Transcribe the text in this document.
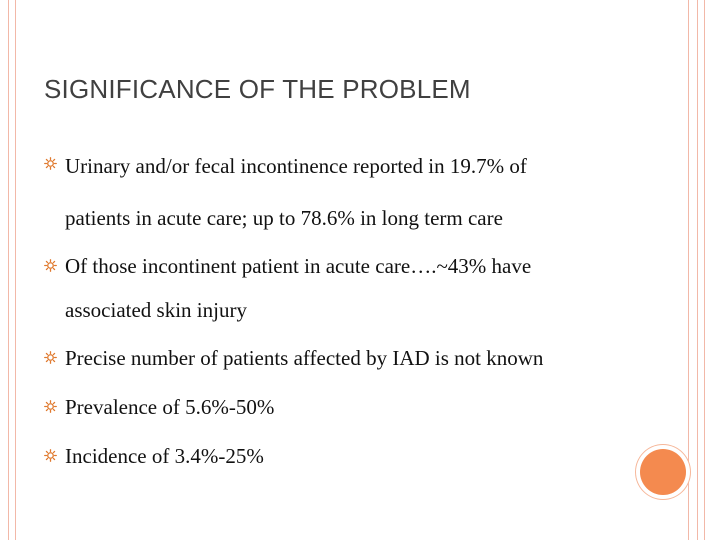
SIGNIFICANCE OF THE PROBLEM
Urinary and/or fecal incontinence reported in 19.7% of
patients in acute care; up to 78.6% in long term care
Of those incontinent patient in acute care….~43% have
associated skin injury
Precise number of patients affected by IAD is not known
Prevalence of 5.6%-50%
Incidence of 3.4%-25%
